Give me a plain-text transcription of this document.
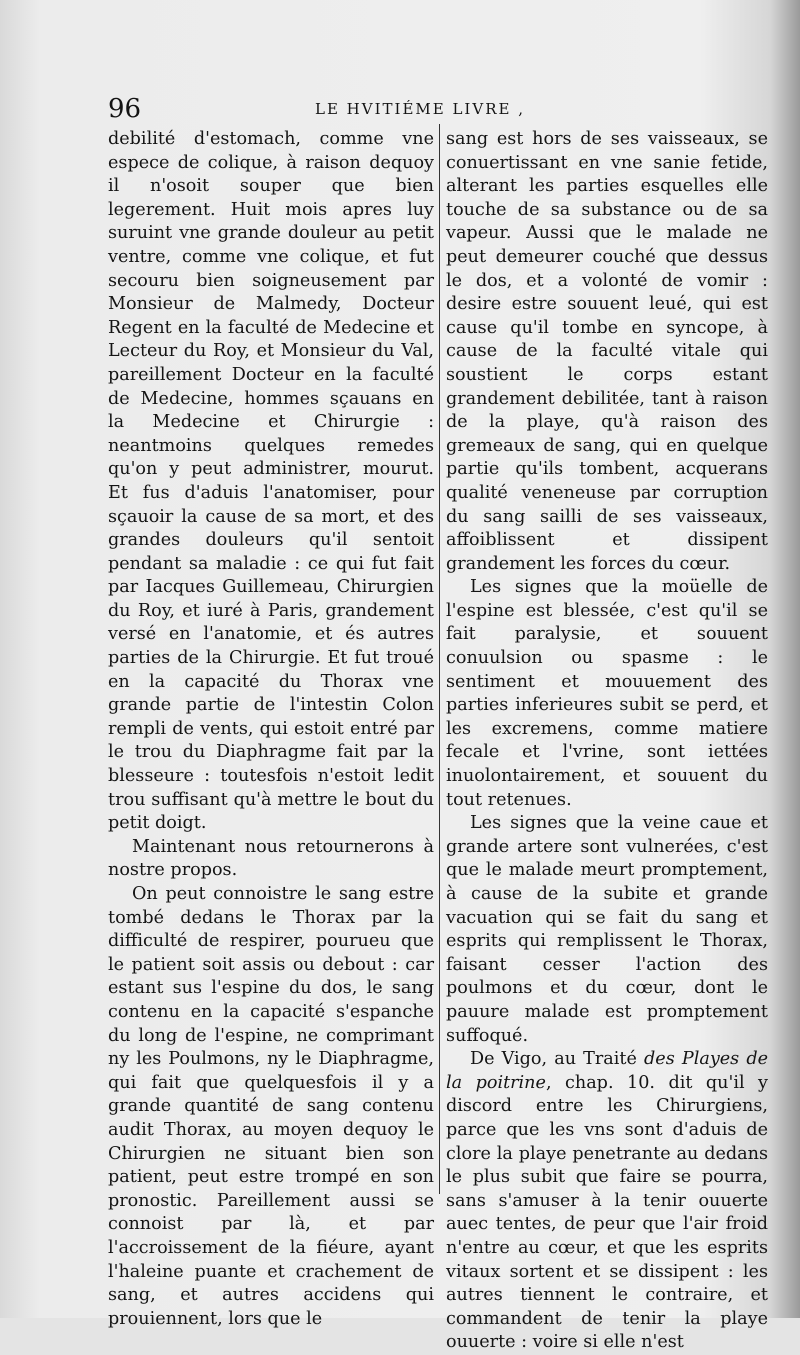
96	LE HVITIÉME LIVRE ,

debilité d'estomach, comme vne espece de colique, à raison dequoy il n'osoit souper que bien legerement. Huit mois apres luy suruint vne grande douleur au petit ventre, comme vne colique, et fut secouru bien soigneusement par Monsieur de Malmedy, Docteur Regent en la faculté de Medecine et Lecteur du Roy, et Monsieur du Val, pareillement Docteur en la faculté de Medecine, hommes sçauans en la Medecine et Chirurgie : neantmoins quelques remedes qu'on y peut administrer, mourut. Et fus d'aduis l'anatomiser, pour sçauoir la cause de sa mort, et des grandes douleurs qu'il sentoit pendant sa maladie : ce qui fut fait par Iacques Guillemeau, Chirurgien du Roy, et iuré à Paris, grandement versé en l'anatomie, et és autres parties de la Chirurgie. Et fut troué en la capacité du Thorax vne grande partie de l'intestin Colon rempli de vents, qui estoit entré par le trou du Diaphragme fait par la blesseure : toutesfois n'estoit ledit trou suffisant qu'à mettre le bout du petit doigt.

Maintenant nous retournerons à nostre propos.

On peut connoistre le sang estre tombé dedans le Thorax par la difficulté de respirer, pourueu que le patient soit assis ou debout : car estant sus l'espine du dos, le sang contenu en la capacité s'espanche du long de l'espine, ne comprimant ny les Poulmons, ny le Diaphragme, qui fait que quelquesfois il y a grande quantité de sang contenu audit Thorax, au moyen dequoy le Chirurgien ne situant bien son patient, peut estre trompé en son pronostic. Pareillement aussi se connoist par là, et par l'accroissement de la fiéure, ayant l'haleine puante et crachement de sang, et autres accidens qui prouiennent, lors que le

sang est hors de ses vaisseaux, se conuertissant en vne sanie fetide, alterant les parties esquelles elle touche de sa substance ou de sa vapeur. Aussi que le malade ne peut demeurer couché que dessus le dos, et a volonté de vomir : desire estre souuent leué, qui est cause qu'il tombe en syncope, à cause de la faculté vitale qui soustient le corps estant grandement debilitée, tant à raison de la playe, qu'à raison des gremeaux de sang, qui en quelque partie qu'ils tombent, acquerans qualité veneneuse par corruption du sang sailli de ses vaisseaux, affoiblissent et dissipent grandement les forces du cœur.

Les signes que la moüelle de l'espine est blessée, c'est qu'il se fait paralysie, et souuent conuulsion ou spasme : le sentiment et mouuement des parties inferieures subit se perd, et les excremens, comme matiere fecale et l'vrine, sont iettées inuolontairement, et souuent du tout retenues.

Les signes que la veine caue et grande artere sont vulnerées, c'est que le malade meurt promptement, à cause de la subite et grande vacuation qui se fait du sang et esprits qui remplissent le Thorax, faisant cesser l'action des poulmons et du cœur, dont le pauure malade est promptement suffoqué.

De Vigo, au Traité des Playes de la poitrine, chap. 10. dit qu'il y discord entre les Chirurgiens, parce que les vns sont d'aduis de clore la playe penetrante au dedans le plus subit que faire se pourra, sans s'amuser à la tenir ouuerte auec tentes, de peur que l'air froid n'entre au cœur, et que les esprits vitaux sortent et se dissipent : les autres tiennent le contraire, et commandent de tenir la playe ouuerte : voire si elle n'est
